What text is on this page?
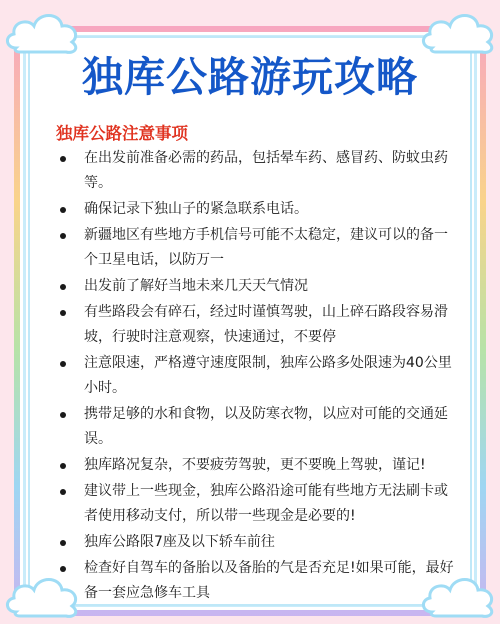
独库公路游玩攻略
独库公路注意事项
在出发前准备必需的药品，包括晕车药、感冒药、防蚊虫药等。
确保记录下独山子的紧急联系电话。
新疆地区有些地方手机信号可能不太稳定，建议可以的备一个卫星电话，以防万一
出发前了解好当地未来几天天气情况
有些路段会有碎石，经过时谨慎驾驶，山上碎石路段容易滑坡，行驶时注意观察，快速通过，不要停
注意限速，严格遵守速度限制，独库公路多处限速为40公里小时。
携带足够的水和食物，以及防寒衣物，以应对可能的交通延误。
独库路况复杂，不要疲劳驾驶，更不要晚上驾驶，谨记!
建议带上一些现金，独库公路沿途可能有些地方无法刷卡或者使用移动支付，所以带一些现金是必要的!
独库公路限7座及以下轿车前往
检查好自驾车的备胎以及备胎的气是否充足!如果可能，最好备一套应急修车工具
